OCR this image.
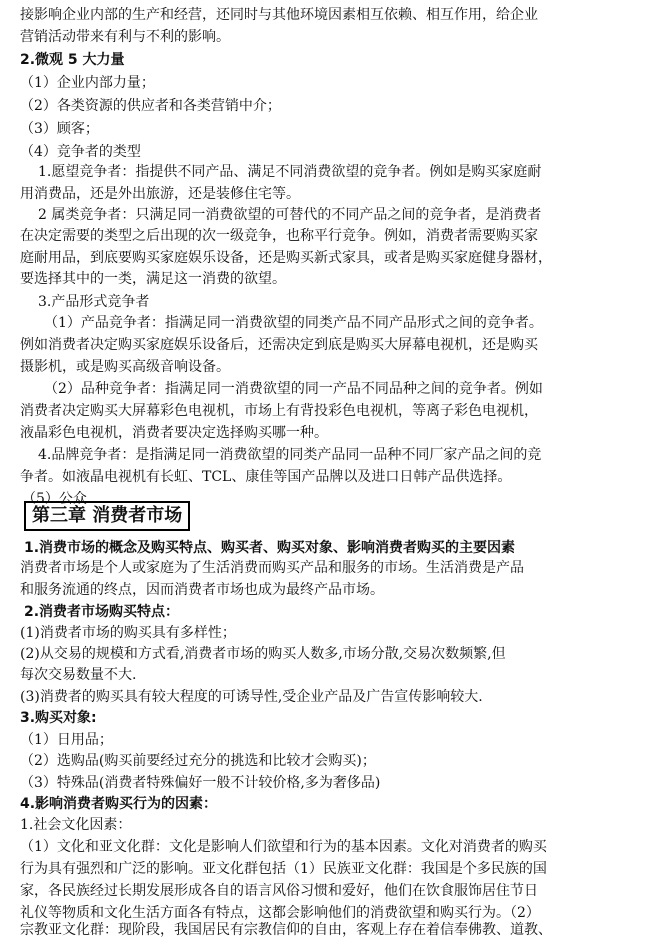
接影响企业内部的生产和经营，还同时与其他环境因素相互依赖、相互作用，给企业
营销活动带来有利与不利的影响。
2.微观 5 大力量
（1）企业内部力量；
（2）各类资源的供应者和各类营销中介；
（3）顾客；
（4）竞争者的类型
1.愿望竞争者：指提供不同产品、满足不同消费欲望的竞争者。例如是购买家庭耐
用消费品，还是外出旅游，还是装修住宅等。
2 属类竞争者：只满足同一消费欲望的可替代的不同产品之间的竞争者，是消费者
在决定需要的类型之后出现的次一级竞争，也称平行竞争。例如，消费者需要购买家
庭耐用品，到底要购买家庭娱乐设备，还是购买新式家具，或者是购买家庭健身器材，
要选择其中的一类，满足这一消费的欲望。
3.产品形式竞争者
（1）产品竞争者：指满足同一消费欲望的同类产品不同产品形式之间的竞争者。
例如消费者决定购买家庭娱乐设备后，还需决定到底是购买大屏幕电视机，还是购买
摄影机，或是购买高级音响设备。
（2）品种竞争者：指满足同一消费欲望的同一产品不同品种之间的竞争者。例如
消费者决定购买大屏幕彩色电视机，市场上有背投彩色电视机，等离子彩色电视机，
液晶彩色电视机，消费者要决定选择购买哪一种。
4.品牌竞争者：是指满足同一消费欲望的同类产品同一品种不同厂家产品之间的竞
争者。如液晶电视机有长虹、TCL、康佳等国产品牌以及进口日韩产品供选择。
（5）公众.
第三章 消费者市场
1.消费市场的概念及购买特点、购买者、购买对象、影响消费者购买的主要因素
消费者市场是个人或家庭为了生活消费而购买产品和服务的市场。生活消费是产品
和服务流通的终点，因而消费者市场也成为最终产品市场。
2.消费者市场购买特点：
(1)消费者市场的购买具有多样性；
(2)从交易的规模和方式看,消费者市场的购买人数多,市场分散,交易次数频繁,但
每次交易数量不大.
(3)消费者的购买具有较大程度的可诱导性,受企业产品及广告宣传影响较大.
3.购买对象:
（1）日用品；
（2）选购品(购买前要经过充分的挑选和比较才会购买)；
（3）特殊品(消费者特殊偏好一般不计较价格,多为奢侈品)
4.影响消费者购买行为的因素：
1.社会文化因素：
（1）文化和亚文化群：文化是影响人们欲望和行为的基本因素。文化对消费者的购买
行为具有强烈和广泛的影响。亚文化群包括（1）民族亚文化群：我国是个多民族的国
家，各民族经过长期发展形成各自的语言风俗习惯和爱好，他们在饮食服饰居住节日
礼仪等物质和文化生活方面各有特点，这都会影响他们的消费欲望和购买行为。（2）
宗教亚文化群：现阶段，我国居民有宗教信仰的自由，客观上存在着信奉佛教、道教、
